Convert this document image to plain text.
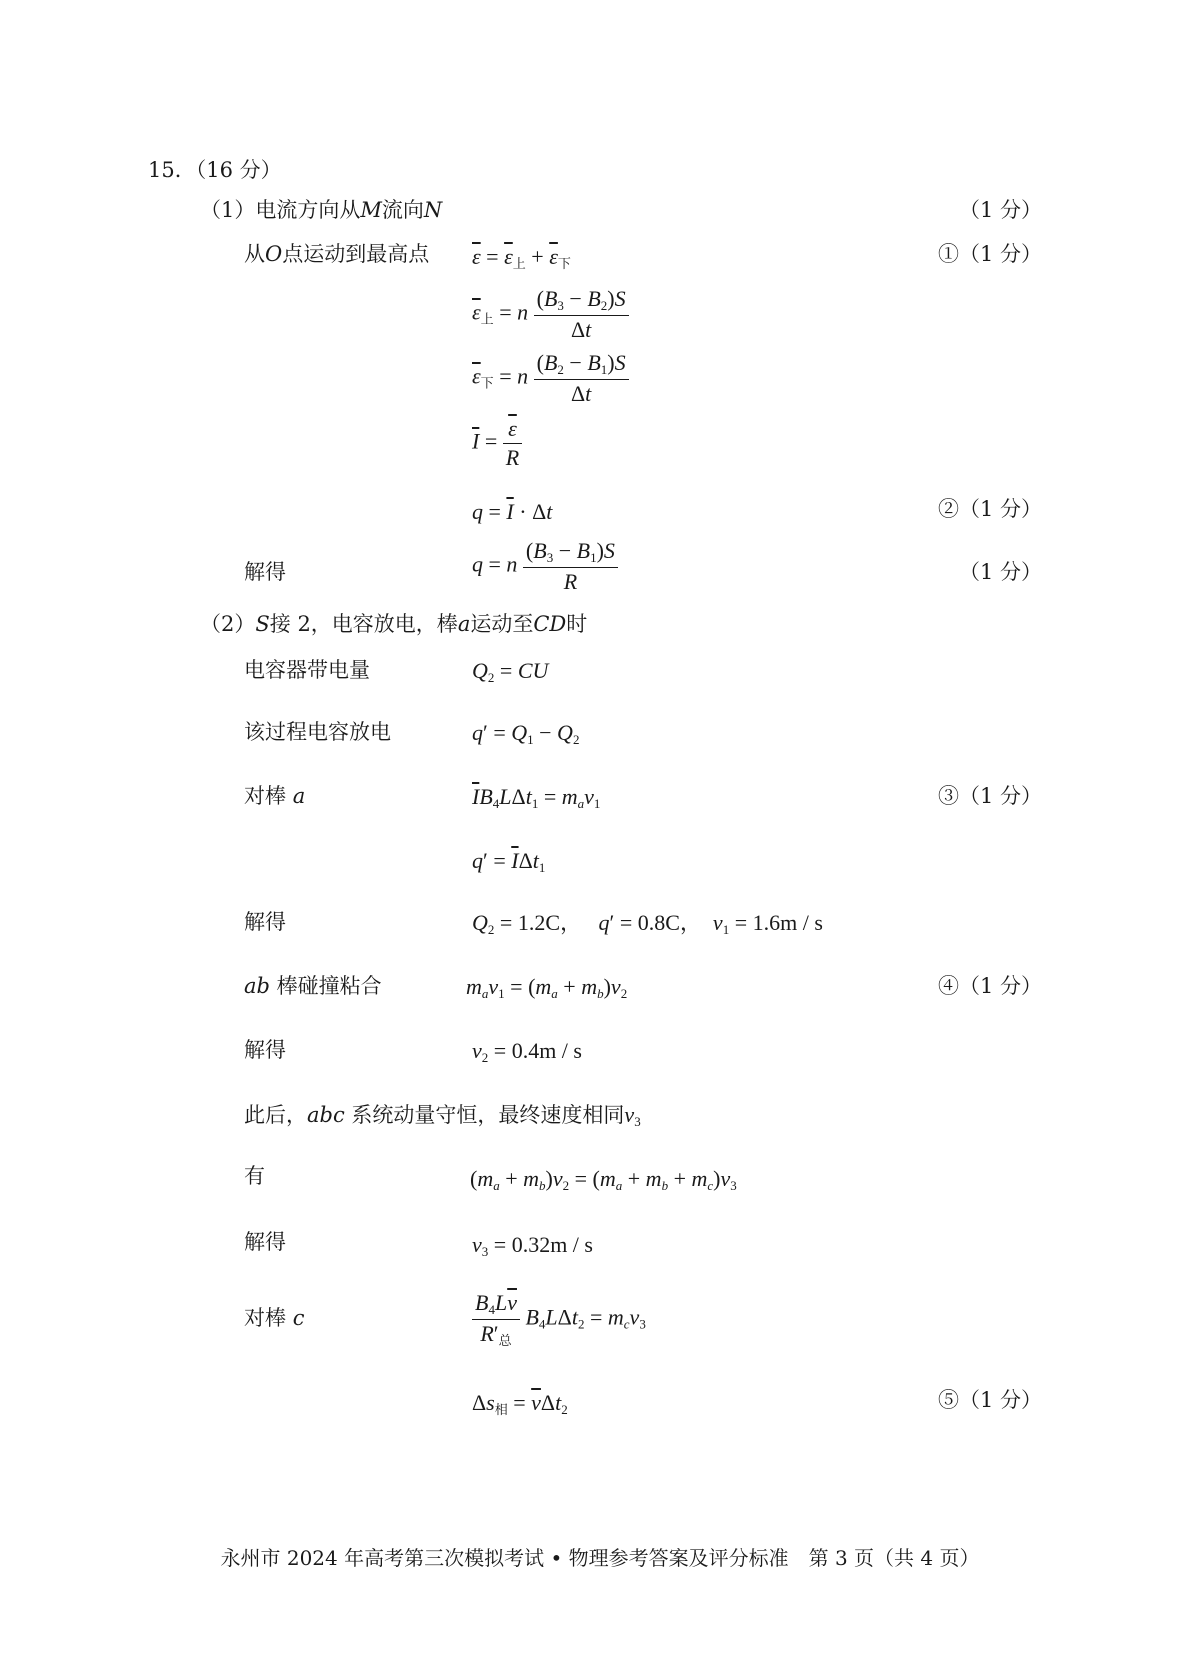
15．（16 分）
（1）电流方向从M流向N	（1 分）
从O点运动到最高点 $\overline{\varepsilon} = \overline{\varepsilon}_上 + \overline{\varepsilon}_下$	①（1 分）
$\overline{\varepsilon}_上 = n \frac{(B_3 - B_2)S}{\Delta t}$
$\overline{\varepsilon}_下 = n \frac{(B_2 - B_1)S}{\Delta t}$
$\overline{I} = \frac{\overline{\varepsilon}}{R}$
$q = \overline{I} \cdot \Delta t$	②（1 分）
解得	q = n $\frac{(B_3 - B_1)S}{R}$	（1 分）
（2）S接 2，电容放电，棒a运动至CD时
电容器带电量	$Q_2$ = CU
该过程电容放电	$q' = Q_1 - Q_2$
对棒 a	$\overline{I}B_4L\Delta t_1 = m_av_1$	③（1 分）
$q' = \overline{I}\Delta t_1$
解得	$Q_2 = 1.2C$， q′ = 0.8C， $v_1 = 1.6m / s$
ab 棒碰撞粘合	$m_av_1 = (m_a + m_b)v_2$	④（1 分）
解得	$v_2 = 0.4m / s$
此后，abc 系统动量守恒，最终速度相同$v_3$
有	$(m_a + m_b)v_2 = (m_a + m_b + m_c)v_3$
解得	$v_3 = 0.32m / s$
对棒 c	$\frac{B_4L\overline{v}}{R'_总} B_4L\Delta t_2 = m_cv_3$
$\Delta s_相 = \overline{v}\Delta t_2$	⑤（1 分）
永州市 2024 年高考第三次模拟考试 • 物理参考答案及评分标准　第 3 页（共 4 页）
